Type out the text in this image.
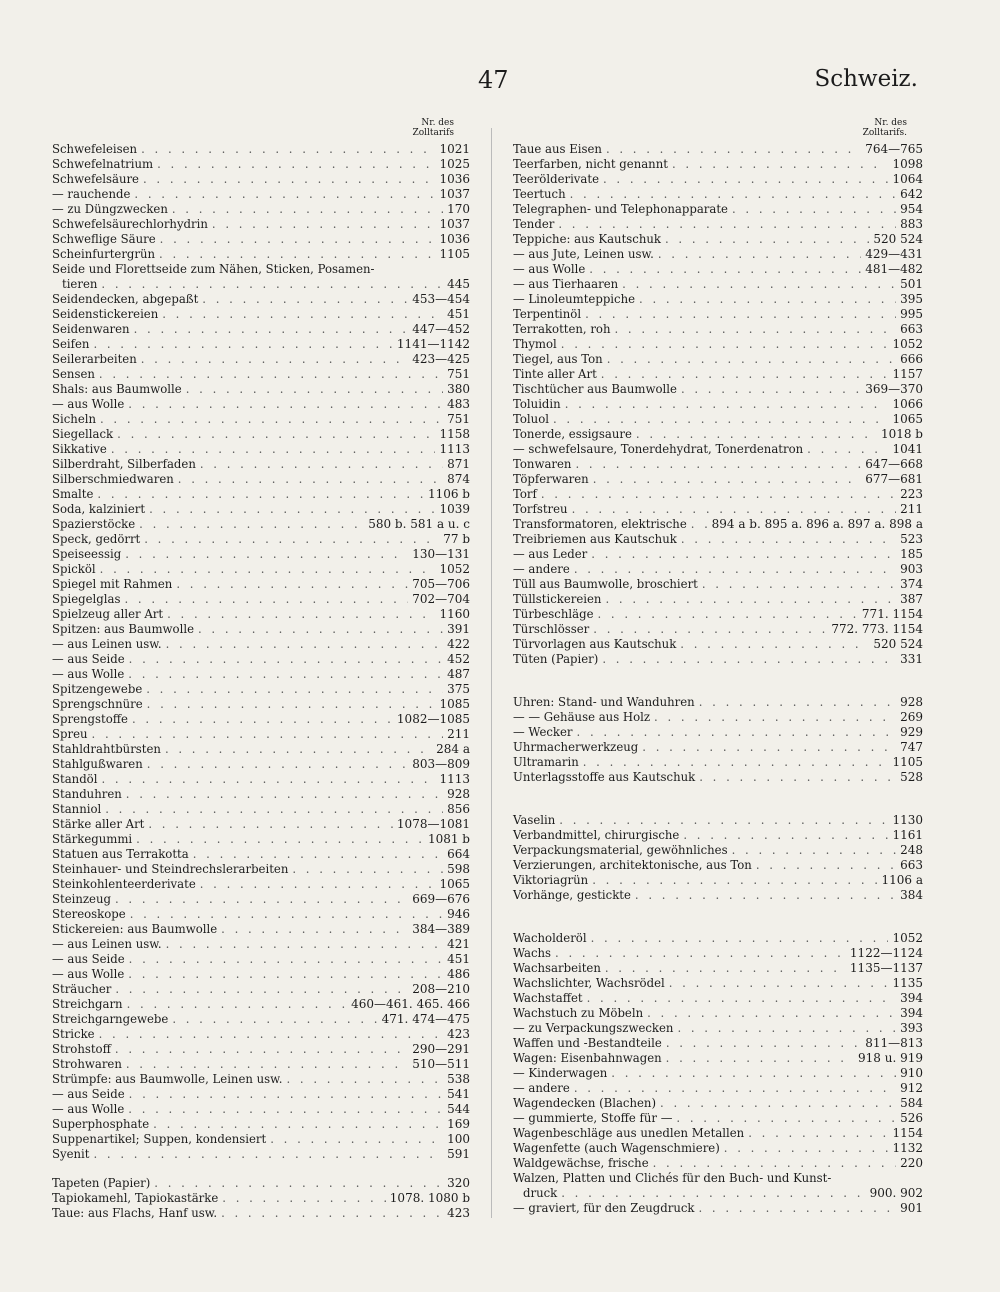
47	Schweiz.
Nr. des
Zolltarifs
Schwefeleisen . . .	1021
Schwefelnatrium . . .	1025
Schwefelsäure . . .	1036
— rauchende . . .	1037
— zu Düngzwecken . . .	170
Schwefelsäurechlorhydrin . . .	1037
Schweflige Säure . . .	1036
Scheinfurtergrün . . .	1105
Seide und Florettseide zum Nähen, Sticken, Posamen-
tieren . . .	445
Seidendecken, abgepaßt . . .	453—454
Seidenstickereien . . .	451
Seidenwaren . . .	447—452
Seifen . . .	1141—1142
Seilerarbeiten . . .	423—425
Sensen . . .	751
Shals: aus Baumwolle . . .	380
— aus Wolle . . .	483
Sicheln . . .	751
Siegellack . . .	1158
Sikkative . . .	1113
Silberdraht, Silberfaden . . .	871
Silberschmiedwaren . . .	874
Smalte . . .	1106 b
Soda, kalziniert . . .	1039
Spazierstöcke . . .	580 b. 581 a u. c
Speck, gedörrt . . .	77 b
Speiseessig . . .	130—131
Spicköl . . .	1052
Spiegel mit Rahmen . . .	705—706
Spiegelglas . . .	702—704
Spielzeug aller Art . . .	1160
Spitzen: aus Baumwolle . . .	391
— aus Leinen usw. . . .	422
— aus Seide . . .	452
— aus Wolle . . .	487
Spitzengewebe . . .	375
Sprengschnüre . . .	1085
Sprengstoffe . . .	1082—1085
Spreu . . .	211
Stahldrahtbürsten . . .	284 a
Stahlgußwaren . . .	803—809
Standöl . . .	1113
Standuhren . . .	928
Stanniol . . .	856
Stärke aller Art . . .	1078—1081
Stärkegummi . . .	1081 b
Statuen aus Terrakotta . . .	664
Steinhauer- und Steindrechslerarbeiten . . .	598
Steinkohlenteerderivate . . .	1065
Steinzeug . . .	669—676
Stereoskope . . .	946
Stickereien: aus Baumwolle . . .	384—389
— aus Leinen usw. . . .	421
— aus Seide . . .	451
— aus Wolle . . .	486
Sträucher . . .	208—210
Streichgarn . . .	460—461. 465. 466
Streichgarngewebe . . .	471. 474—475
Stricke . . .	423
Strohstoff . . .	290—291
Strohwaren . . .	510—511
Strümpfe: aus Baumwolle, Leinen usw. . . .	538
— aus Seide . . .	541
— aus Wolle . . .	544
Superphosphate . . .	169
Suppenartikel; Suppen, kondensiert . . .	100
Syenit . . .	591
Tapeten (Papier) . . .	320
Tapiokamehl, Tapiokastärke . . .	1078. 1080 b
Taue: aus Flachs, Hanf usw. . . .	423
Nr. des
Zolltarifs.
Taue aus Eisen . . .	764—765
Teerfarben, nicht genannt . . .	1098
Teerölderivate . . .	1064
Teertuch . . .	642
Telegraphen- und Telephonapparate . . .	954
Tender . . .	883
Teppiche: aus Kautschuk . . .	520 524
— aus Jute, Leinen usw. . . .	429—431
— aus Wolle . . .	481—482
— aus Tierhaaren . . .	501
— Linoleumteppiche . . .	395
Terpentinöl . . .	995
Terrakotten, roh . . .	663
Thymol . . .	1052
Tiegel, aus Ton . . .	666
Tinte aller Art . . .	1157
Tischtücher aus Baumwolle . . .	369—370
Toluidin . . .	1066
Toluol . . .	1065
Tonerde, essigsaure . . .	1018 b
— schwefelsaure, Tonerdehydrat, Tonerdenatron . . .	1041
Tonwaren . . .	647—668
Töpferwaren . . .	677—681
Torf . . .	223
Torfstreu . . .	211
Transformatoren, elektrische . . . 894 a b. 895 a. 896 a. 897 a. 898 a
Treibriemen aus Kautschuk . . .	523
— aus Leder . . .	185
— andere . . .	903
Tüll aus Baumwolle, broschiert . . .	374
Tüllstickereien . . .	387
Türbeschläge . . .	771. 1154
Türschlösser . . .	772. 773. 1154
Türvorlagen aus Kautschuk . . .	520 524
Tüten (Papier) . . .	331
Uhren: Stand- und Wanduhren . . .	928
— — Gehäuse aus Holz . . .	269
— Wecker . . .	929
Uhrmacherwerkzeug . . .	747
Ultramarin . . .	1105
Unterlagsstoffe aus Kautschuk . . .	528
Vaselin . . .	1130
Verbandmittel, chirurgische . . .	1161
Verpackungsmaterial, gewöhnliches . . .	248
Verzierungen, architektonische, aus Ton . . .	663
Viktoriagrün . . .	1106 a
Vorhänge, gestickte . . .	384
Wacholderöl . . .	1052
Wachs . . .	1122—1124
Wachsarbeiten . . .	1135—1137
Wachslichter, Wachsrödel . . .	1135
Wachstaffet . . .	394
Wachstuch zu Möbeln . . .	394
— zu Verpackungszwecken . . .	393
Waffen und -Bestandteile . . .	811—813
Wagen: Eisenbahnwagen . . .	918 u. 919
— Kinderwagen . . .	910
— andere . . .	912
Wagendecken (Blachen) . . .	584
— gummierte, Stoffe für — . . .	526
Wagenbeschläge aus unedlen Metallen . . .	1154
Wagenfette (auch Wagenschmiere) . . .	1132
Waldgewächse, frische . . .	220
Walzen, Platten und Clichés für den Buch- und Kunst-
druck . . .	900. 902
— graviert, für den Zeugdruck . . .	901
